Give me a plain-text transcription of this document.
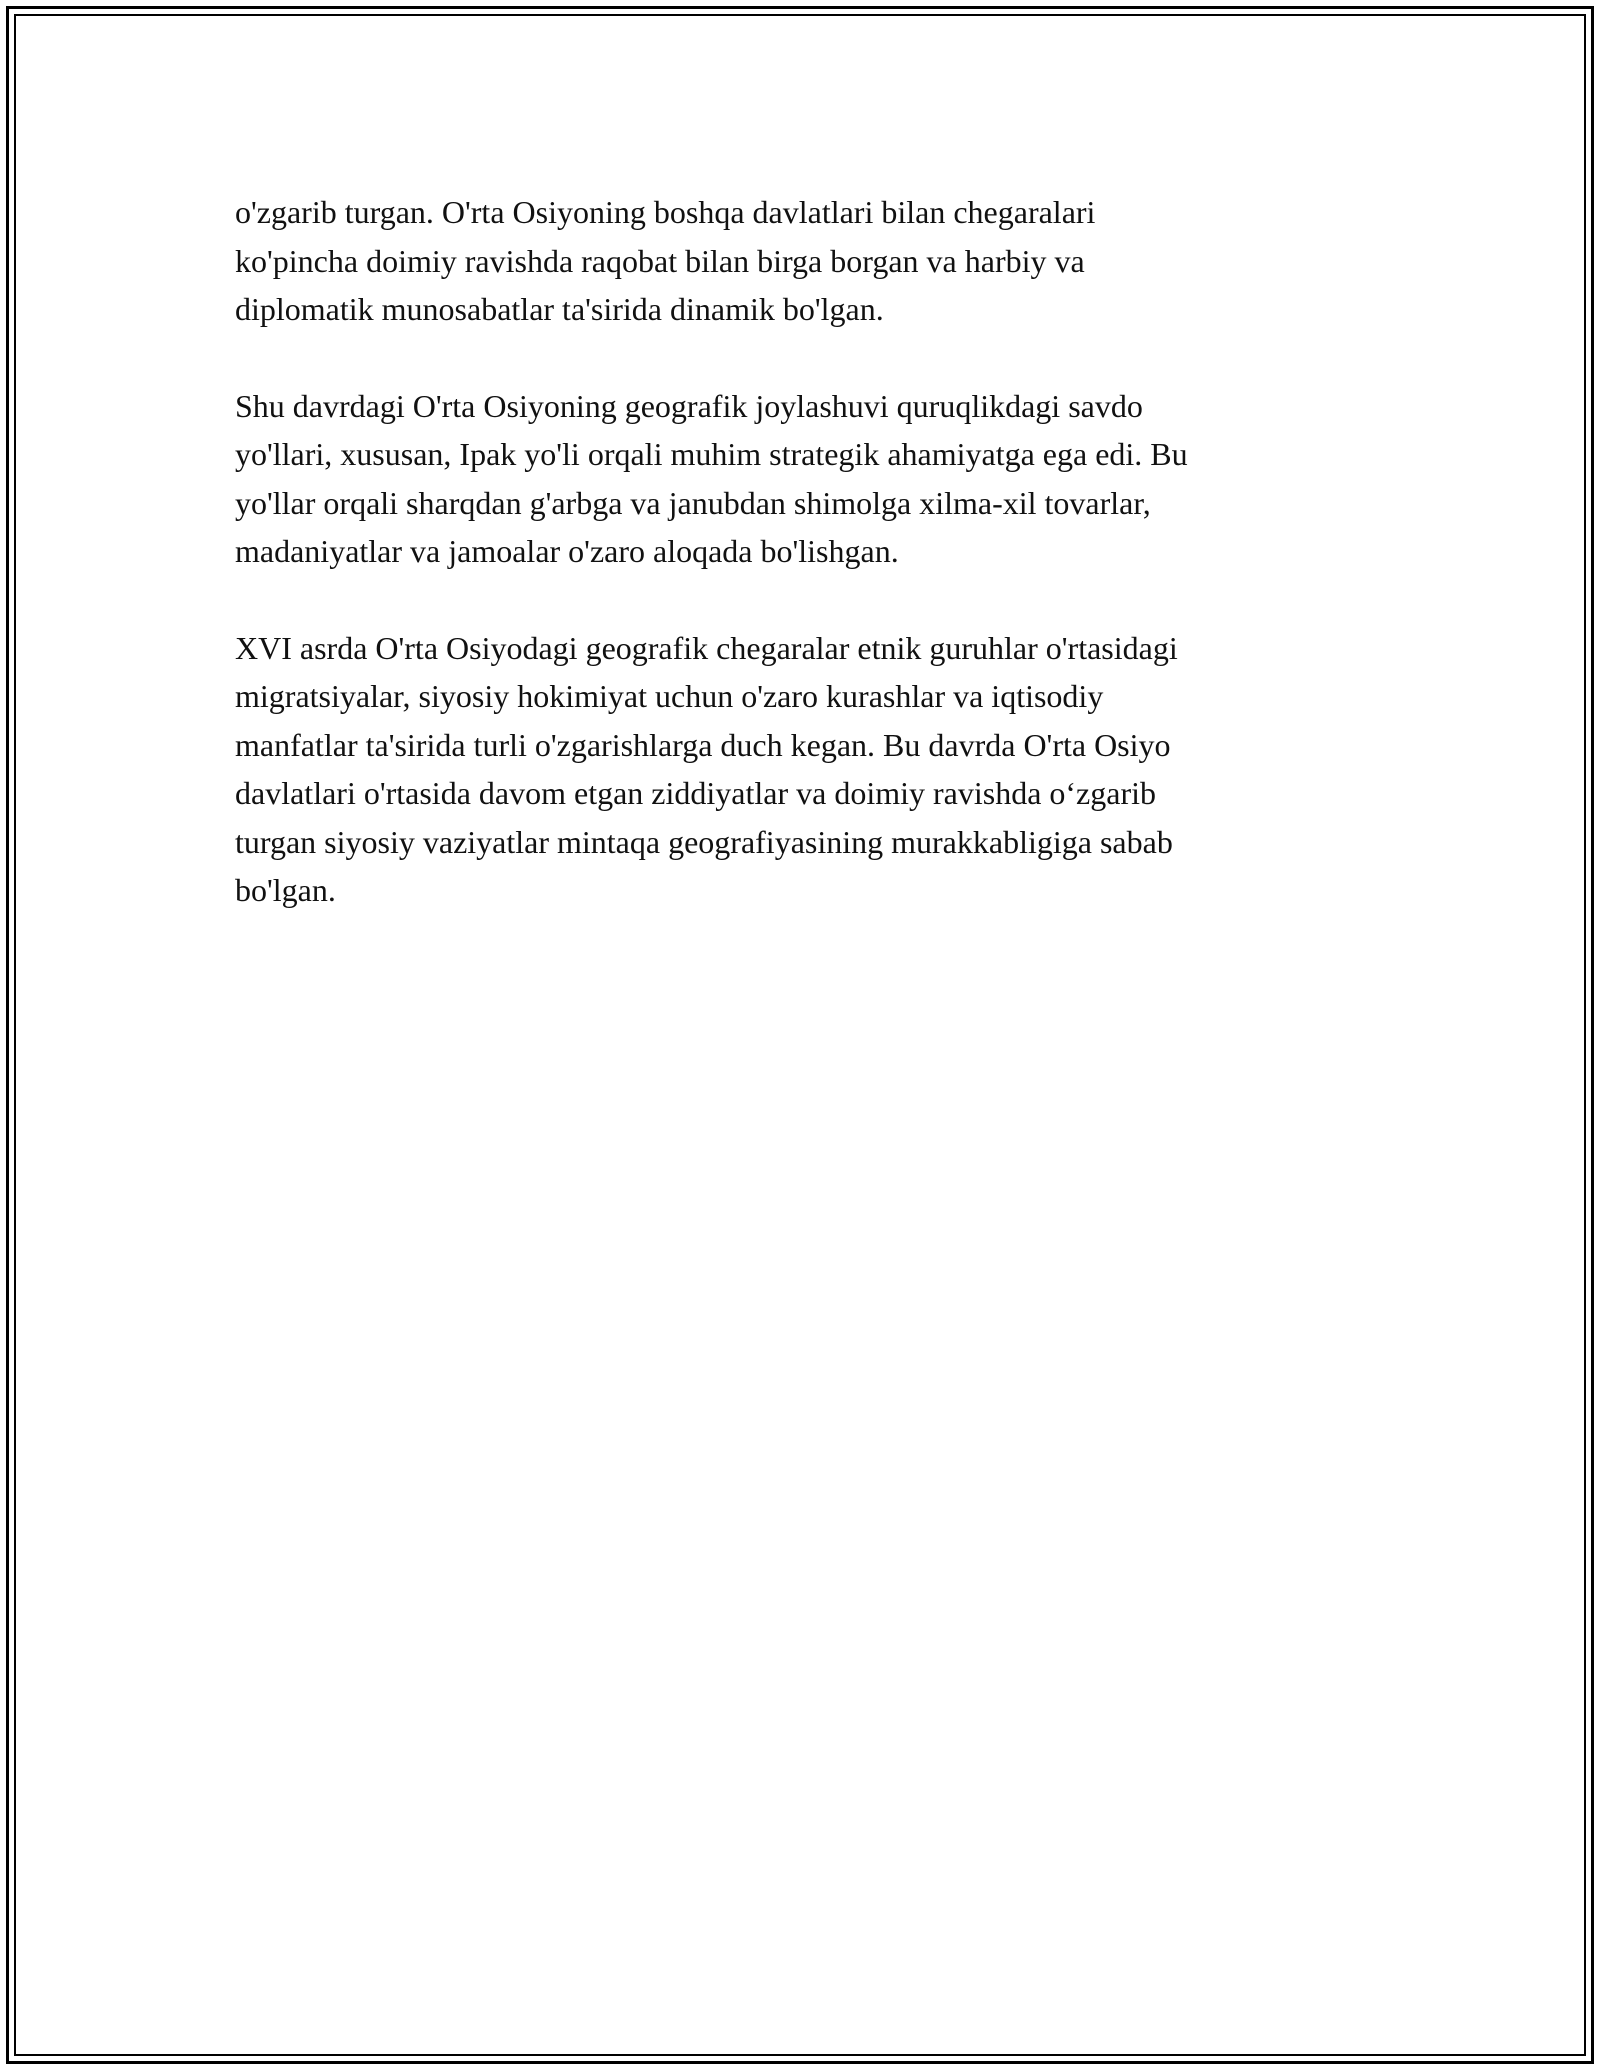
o'zgarib turgan. O'rta Osiyoning boshqa davlatlari bilan chegaralari
ko'pincha doimiy ravishda raqobat bilan birga borgan va harbiy va
diplomatik munosabatlar ta'sirida dinamik bo'lgan.

Shu davrdagi O'rta Osiyoning geografik joylashuvi quruqlikdagi savdo
yo'llari, xususan, Ipak yo'li orqali muhim strategik ahamiyatga ega edi. Bu
yo'llar orqali sharqdan g'arbga va janubdan shimolga xilma-xil tovarlar,
madaniyatlar va jamoalar o'zaro aloqada bo'lishgan.

XVI asrda O'rta Osiyodagi geografik chegaralar etnik guruhlar o'rtasidagi
migratsiyalar, siyosiy hokimiyat uchun o'zaro kurashlar va iqtisodiy
manfatlar ta'sirida turli o'zgarishlarga duch kegan. Bu davrda O'rta Osiyo
davlatlari o'rtasida davom etgan ziddiyatlar va doimiy ravishda o‘zgarib
turgan siyosiy vaziyatlar mintaqa geografiyasining murakkabligiga sabab
bo'lgan.
